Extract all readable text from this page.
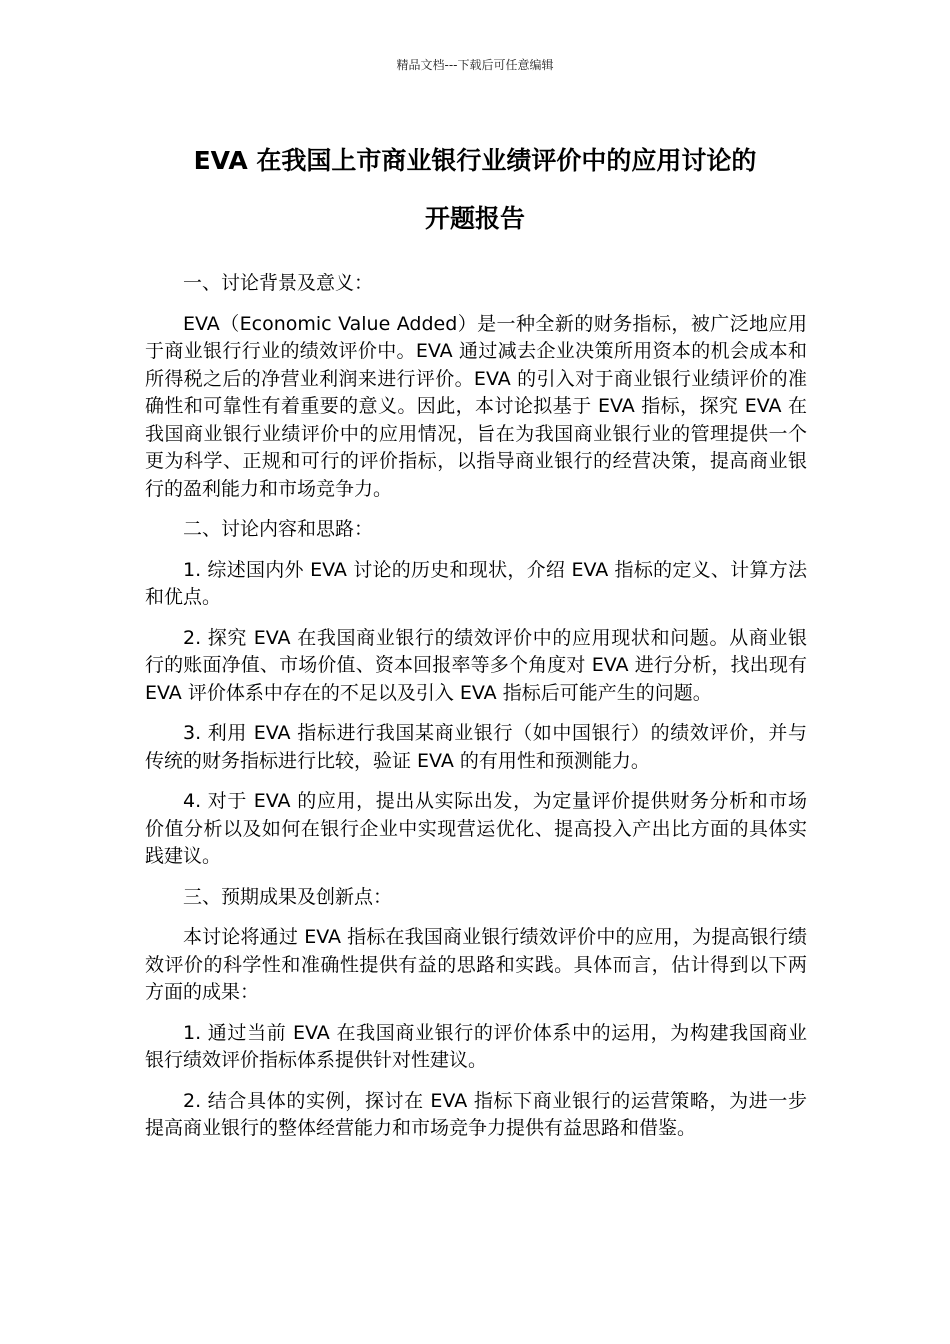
精品文档---下载后可任意编辑
EVA 在我国上市商业银行业绩评价中的应用讨论的
开题报告

一、讨论背景及意义：

EVA（Economic Value Added）是一种全新的财务指标，被广泛地应用于商业银行行业的绩效评价中。EVA 通过减去企业决策所用资本的机会成本和所得税之后的净营业利润来进行评价。EVA 的引入对于商业银行业绩评价的准确性和可靠性有着重要的意义。因此，本讨论拟基于 EVA 指标，探究 EVA 在我国商业银行业绩评价中的应用情况，旨在为我国商业银行业的管理提供一个更为科学、正规和可行的评价指标，以指导商业银行的经营决策，提高商业银行的盈利能力和市场竞争力。

二、讨论内容和思路：

1. 综述国内外 EVA 讨论的历史和现状，介绍 EVA 指标的定义、计算方法和优点。

2. 探究 EVA 在我国商业银行的绩效评价中的应用现状和问题。从商业银行的账面净值、市场价值、资本回报率等多个角度对 EVA 进行分析，找出现有 EVA 评价体系中存在的不足以及引入 EVA 指标后可能产生的问题。

3. 利用 EVA 指标进行我国某商业银行（如中国银行）的绩效评价，并与传统的财务指标进行比较，验证 EVA 的有用性和预测能力。

4. 对于 EVA 的应用，提出从实际出发，为定量评价提供财务分析和市场价值分析以及如何在银行企业中实现营运优化、提高投入产出比方面的具体实践建议。

三、预期成果及创新点：

本讨论将通过 EVA 指标在我国商业银行绩效评价中的应用，为提高银行绩效评价的科学性和准确性提供有益的思路和实践。具体而言，估计得到以下两方面的成果：

1. 通过当前 EVA 在我国商业银行的评价体系中的运用，为构建我国商业银行绩效评价指标体系提供针对性建议。

2. 结合具体的实例，探讨在 EVA 指标下商业银行的运营策略，为进一步提高商业银行的整体经营能力和市场竞争力提供有益思路和借鉴。
